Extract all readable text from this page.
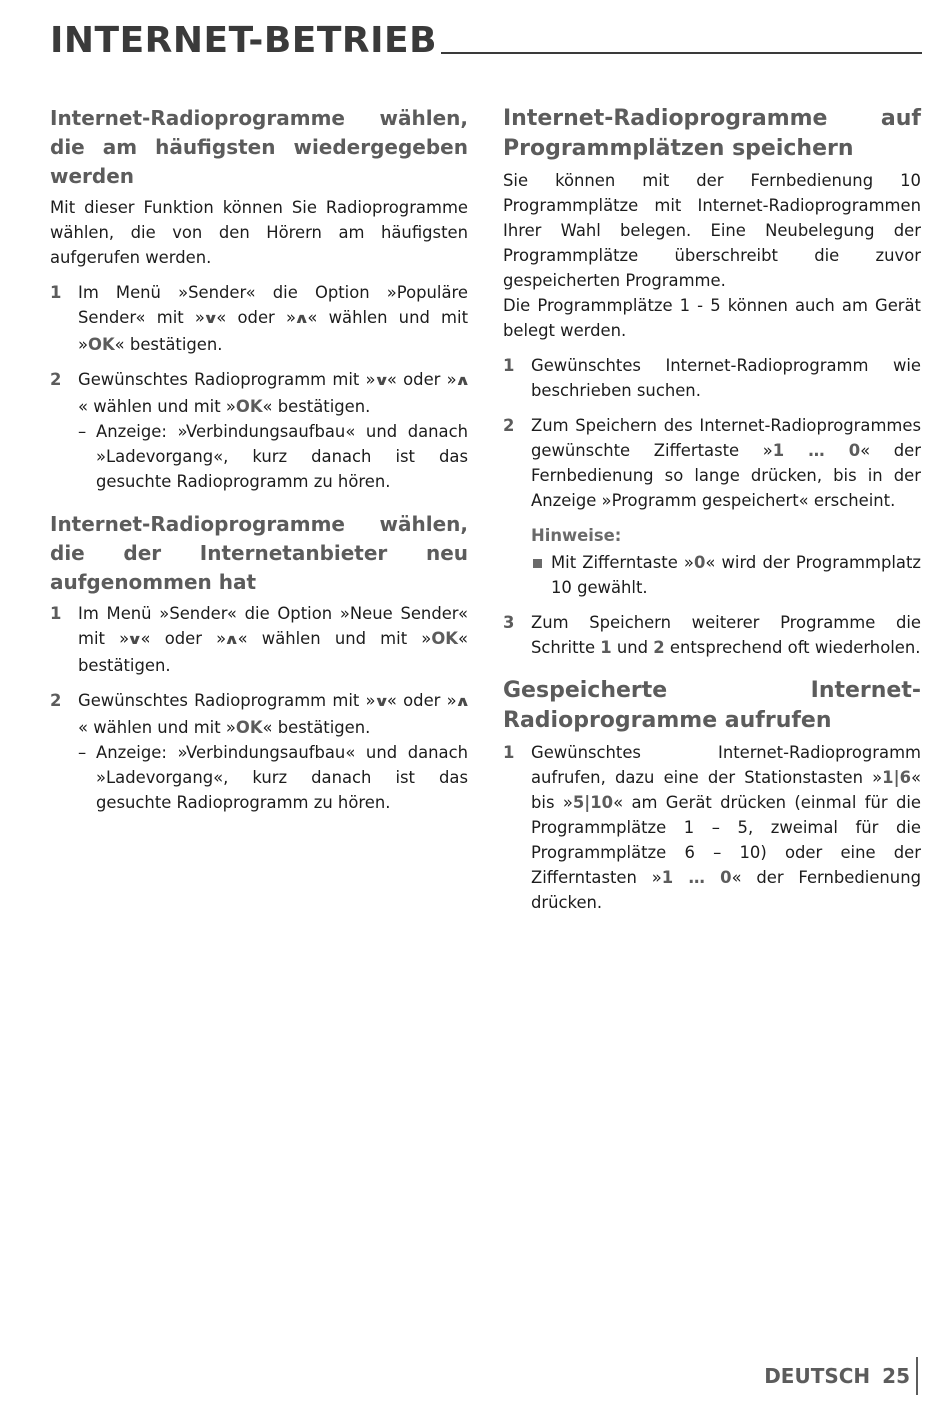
INTERNET-BETRIEB
Internet-Radioprogramme wählen, die am häufigsten wiedergegeben werden

Mit dieser Funktion können Sie Radioprogramme wählen, die von den Hörern am häufigsten aufgerufen werden.

1 Im Menü »Sender« die Option »Populäre Sender« mit »∨« oder »∧« wählen und mit »OK« bestätigen.
2 Gewünschtes Radioprogramm mit »∨« oder »∧« wählen und mit »OK« bestätigen.
– Anzeige: »Verbindungsaufbau« und danach »Ladevorgang«, kurz danach ist das gesuchte Radioprogramm zu hören.
Internet-Radioprogramme wählen, die der Internetanbieter neu aufgenommen hat
1 Im Menü »Sender« die Option »Neue Sender« mit »∨« oder »∧« wählen und mit »OK« bestätigen.
2 Gewünschtes Radioprogramm mit »∨« oder »∧« wählen und mit »OK« bestätigen.
– Anzeige: »Verbindungsaufbau« und danach »Ladevorgang«, kurz danach ist das gesuchte Radioprogramm zu hören.
Internet-Radioprogramme auf Programmplätzen speichern

Sie können mit der Fernbedienung 10 Programmplätze mit Internet-Radioprogrammen Ihrer Wahl belegen. Eine Neubelegung der Programmplätze überschreibt die zuvor gespeicherten Programme.

Die Programmplätze 1 - 5 können auch am Gerät belegt werden.

1 Gewünschtes Internet-Radioprogramm wie beschrieben suchen.
2 Zum Speichern des Internet-Radioprogrammes gewünschte Ziffertaste »1 … 0« der Fernbedienung so lange drücken, bis in der Anzeige »Programm gespeichert« erscheint.
Hinweise:
Mit Zifferntaste »0« wird der Programmplatz 10 gewählt.
3 Zum Speichern weiterer Programme die Schritte 1 und 2 entsprechend oft wiederholen.
Gespeicherte Internet-Radioprogramme aufrufen
1 Gewünschtes Internet-Radioprogramm aufrufen, dazu eine der Stationstasten »1|6« bis »5|10« am Gerät drücken (einmal für die Programmplätze 1 – 5, zweimal für die Programmplätze 6 – 10) oder eine der Zifferntasten »1 … 0« der Fernbedienung drücken.
DEUTSCH 25
